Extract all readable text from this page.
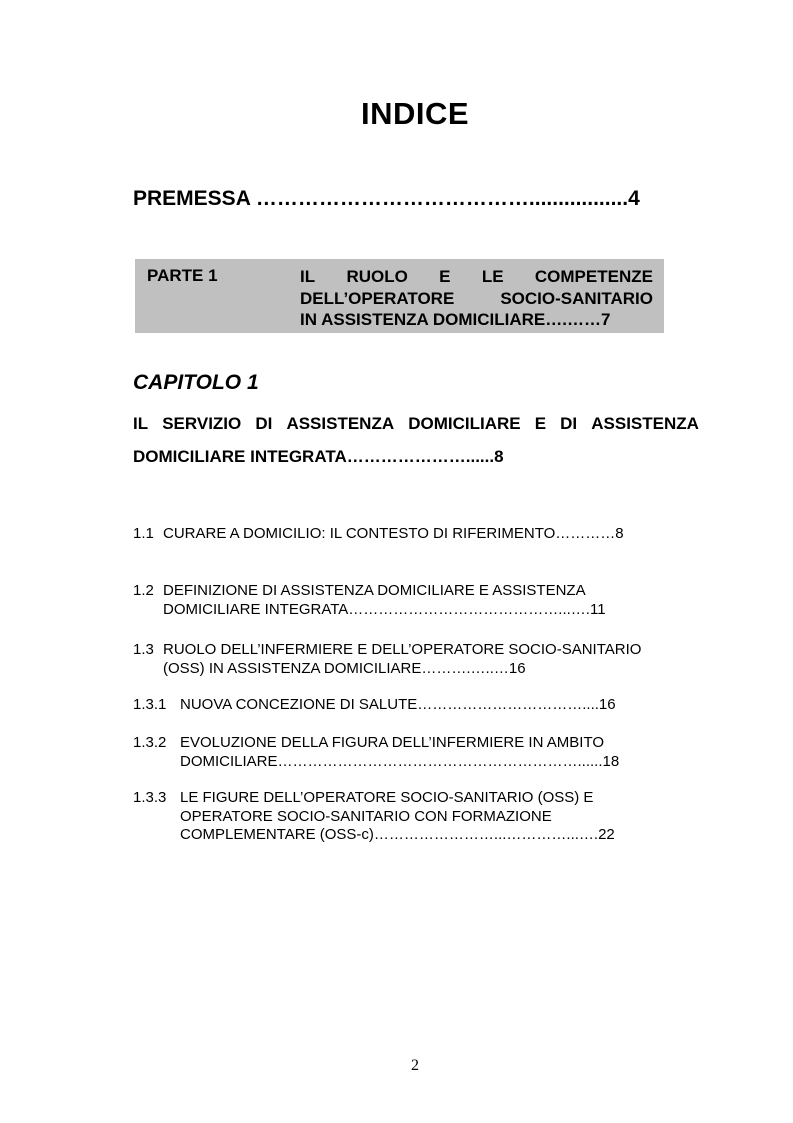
INDICE
PREMESSA ………………………………….................4
PARTE 1	IL RUOLO E LE COMPETENZE
DELL’OPERATORE	SOCIO-SANITARIO
IN ASSISTENZA DOMICILIARE….……7
CAPITOLO 1
IL SERVIZIO DI ASSISTENZA DOMICILIARE E DI ASSISTENZA
DOMICILIARE INTEGRATA…………………......8
1.1 CURARE A DOMICILIO: IL CONTESTO DI RIFERIMENTO…………8
1.2 DEFINIZIONE DI ASSISTENZA DOMICILIARE E ASSISTENZA
DOMICILIARE INTEGRATA……………………………………...….11
1.3 RUOLO DELL’INFERMIERE E DELL’OPERATORE SOCIO-SANITARIO
(OSS) IN ASSISTENZA DOMICILIARE……….…..…16
1.3.1 NUOVA CONCEZIONE DI SALUTE……………………………....16
1.3.2 EVOLUZIONE DELLA FIGURA DELL’INFERMIERE IN AMBITO
DOMICILIARE……………………………………………………......18
1.3.3 LE FIGURE DELL’OPERATORE SOCIO-SANITARIO (OSS) E
OPERATORE SOCIO-SANITARIO CON FORMAZIONE
COMPLEMENTARE (OSS-c)……………………...…………...….22
2
